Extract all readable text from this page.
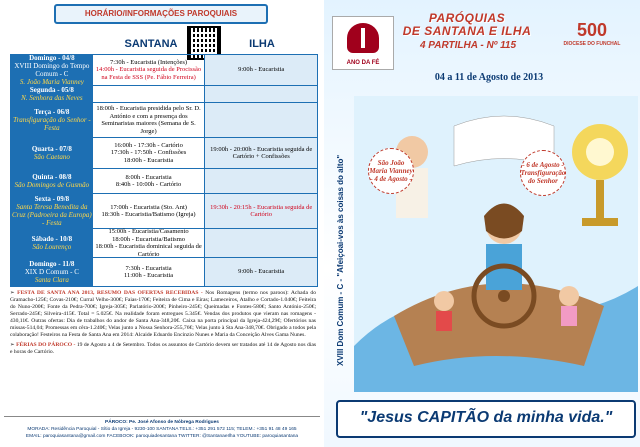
HORÁRIO/INFORMAÇÕES PAROQUIAIS
SANTANA	ILHA
Domingo - 04/8
XVIII Domingo do Tempo Comum - C
S. João Maria Vianney
7:30h - Eucaristia (Intenções)
14:00h - Eucaristia seguida de Procissão na Festa de SSS (Pe. Fábio Ferreira)
9:00h - Eucaristia
Segunda - 05/8
N. Senhora das Neves
Terça - 06/8
Transfiguração do Senhor - Festa
18:00h - Eucaristia presidida pelo Sr. D. António e com a presença dos Seminaristas maiores (Semana de S. Jorge)
Quarta - 07/8
São Caetano
16:00h - 17:30h - Cartório
17:30h - 17:50h - Confissões
18:00h - Eucaristia
19:00h - 20:00h - Eucaristia seguida de Cartório + Confissões
Quinta - 08/8
São Domingos de Gusmão
8:00h - Eucaristia
8:40h - 10:00h - Cartório
Sexta - 09/8
Santa Teresa Benedita da Cruz (Padroeira da Europa) - Festa
17:00h - Eucaristia (Sto. Ant)
18:30h - Eucaristia/Batismo (Igreja)
19:30h - 20:15h - Eucaristia seguida de Cartório
Sábado - 10/8
São Lourenço
15:00h - Eucaristia/Casamento
18:00h - Eucaristia/Batismo
18:00h - Eucaristia dominical seguida de Cartório
Domingo - 11/8
XIX D Comum - C
Santa Clara
7:30h - Eucaristia
11:00h - Eucaristia
9:00h - Eucaristia

➢ FESTA DE SANTA ANA 2013, RESUMO DAS OFERTAS RECEBIDAS - Nos Romagens (termo nos paroos): Achada do Gramacho-125€; Covas-210€; Curral Velho-300€; Faias-170€; Feiteira de Cima e Eiras; Lameceiros, Atalho e Cortado-1.040€; Feiteira do Nuno-200€; Fonte da Pedra-700€; Igreja-305€; Parlatório-200€; Pinheiro-245€; Queimadas e Fontes-580€; Santo António-250€; Serrado-245€; Silveira-415€. Total = 5.025€. Na realidade foram entregues 5.345€. Vendas dos produtos que vieram nas romagens - 430,11€. Outras ofertas: Dia de trabalhos do andor de Santa Ana-348,20€. Caixa na porta principal da Igreja-424,29€; Ofertórios nas missas-514,04; Promessas em cêra-1.240€; Velas junto a Nossa Senhora-255,76€; Velas junto à Sta Ana-348,70€. Obrigado a todos pela colaboração! Festeiros na Festa de Santa Ana em 2014: Alcaide Eduardo Encinzio Nunes e Maria da Conceição Alves Gama Nunes.

➢ FÉRIAS DO PÁROCO - 19 de Agosto a 4 de Setembro. Todos os assuntos de Cartório devem ser tratados até 14 de Agosto nos dias e horas de Cartório.

PÁROCO: Pe. José Afonso de Nóbrega Rodrigues
MORADA: Residência Paroquial - Sítio da Igreja - 9230-100 SANTANA TELS.: +351 291 572 115; TELEM.: +351 91 48 49 165
EMAIL: paroquiasantana@gmail.com FACEBOOK: paroquiadesantana TWITTER: @SantanaeIlha YOUTUBE: paroquiasantana
ANO DA FÉ
PARÓQUIAS
DE SANTANA E ILHA
4 PARTILHA - Nº 115
500
DIOCESE DO FUNCHAL
04 a 11 de Agosto de 2013
XVIII Dom Comum - C - "Afeiçoai-vos às coisas do alto"	São João Maria Vianney - 4 de Agosto -
- 6 de Agosto - Transfiguração do Senhor
"Jesus CAPITÃO da minha vida."
